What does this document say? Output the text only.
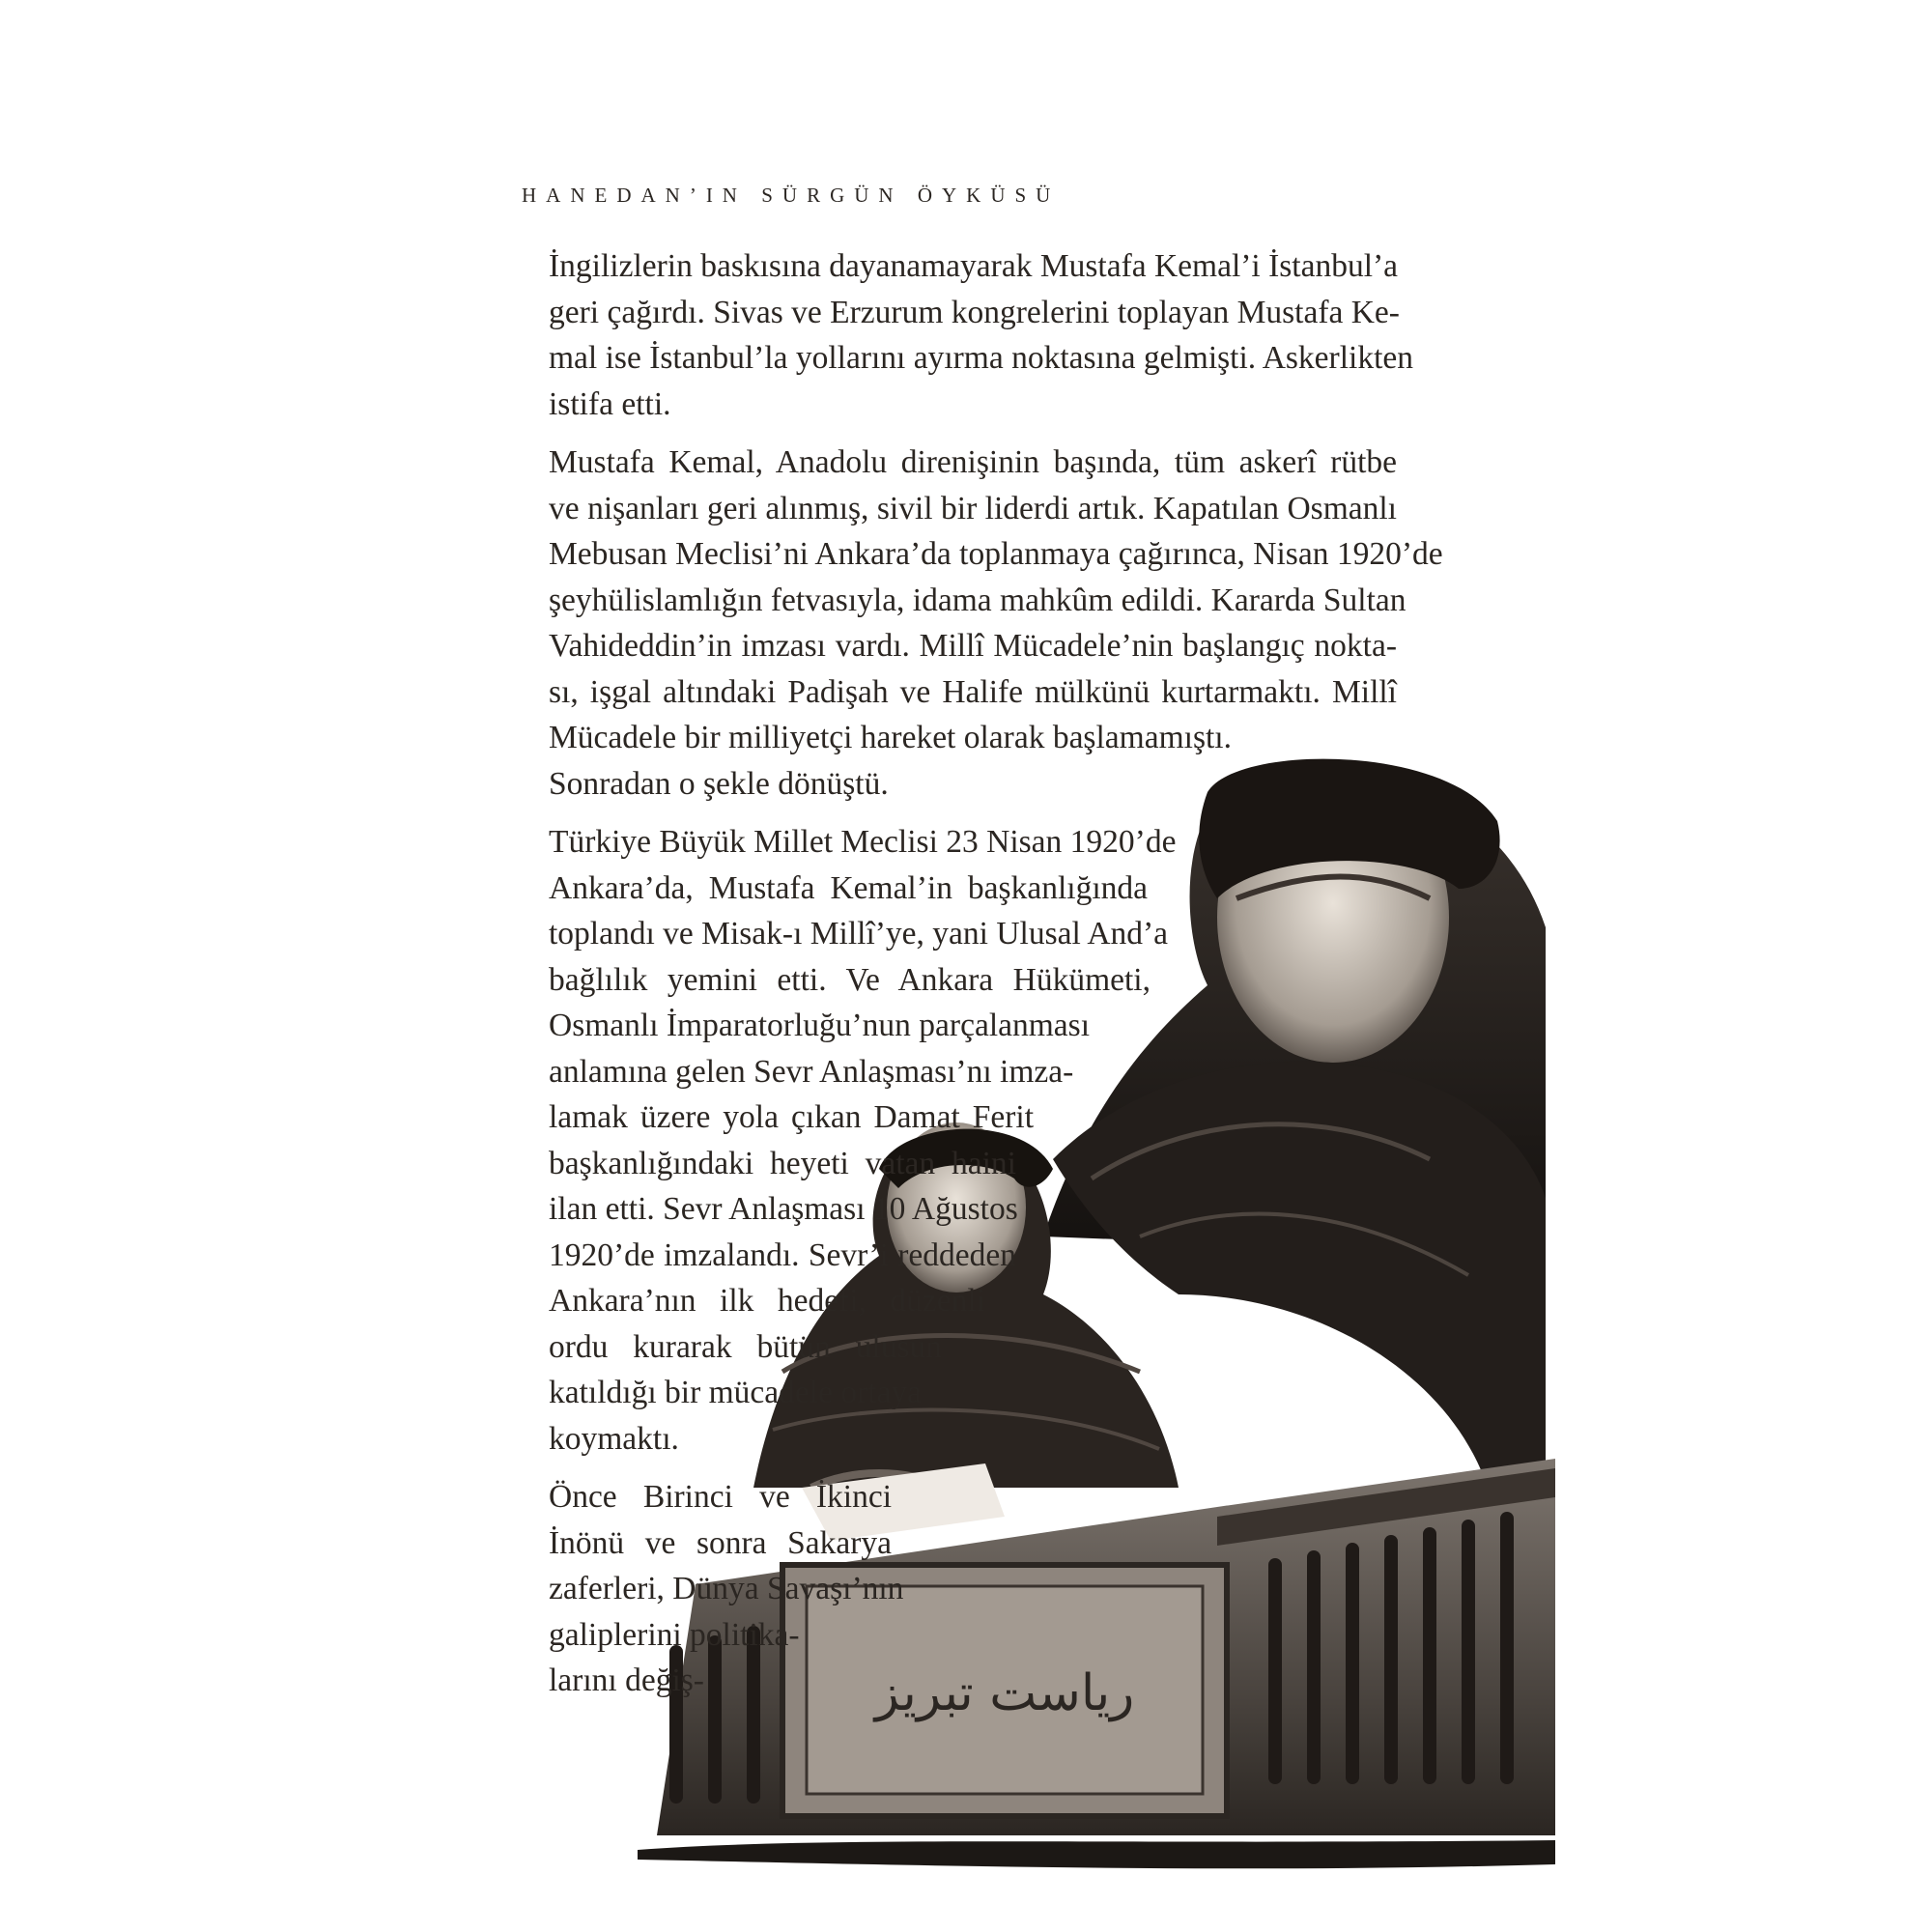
HANEDAN’IN SÜRGÜN ÖYKÜSÜ
ریاست تبریز
İngilizlerin baskısına dayanamayarak Mustafa Kemal’i İstanbul’a
geri çağırdı. Sivas ve Erzurum kongrelerini toplayan Mustafa Ke-
mal ise İstanbul’la yollarını ayırma noktasına gelmişti. Askerlikten
istifa etti.
Mustafa Kemal, Anadolu direnişinin başında, tüm askerî rütbe
ve nişanları geri alınmış, sivil bir liderdi artık. Kapatılan Osmanlı
Mebusan Meclisi’ni Ankara’da toplanmaya çağırınca, Nisan 1920’de
şeyhülislamlığın fetvasıyla, idama mahkûm edildi. Kararda Sultan
Vahideddin’in imzası vardı. Millî Mücadele’nin başlangıç nokta-
sı, işgal altındaki Padişah ve Halife mülkünü kurtarmaktı. Millî
Mücadele bir milliyetçi hareket olarak başlamamıştı.
Sonradan o şekle dönüştü.
Türkiye Büyük Millet Meclisi 23 Nisan 1920’de
Ankara’da, Mustafa Kemal’in başkanlığında
toplandı ve Misak-ı Millî’ye, yani Ulusal And’a
bağlılık yemini etti. Ve Ankara Hükümeti,
Osmanlı İmparatorluğu’nun parçalanması
anlamına gelen Sevr Anlaşması’nı imza-
lamak üzere yola çıkan Damat Ferit
başkanlığındaki heyeti vatan haini
ilan etti. Sevr Anlaşması 10 Ağustos
1920’de imzalandı. Sevr’i reddeden
Ankara’nın ilk hedefi, düzenli
ordu kurarak bütün ulusun
katıldığı bir mücadele ortaya
koymaktı.
Önce Birinci ve İkinci
İnönü ve sonra Sakarya
zaferleri, Dünya Savaşı’nın
galiplerini politika-
larını değiş-
